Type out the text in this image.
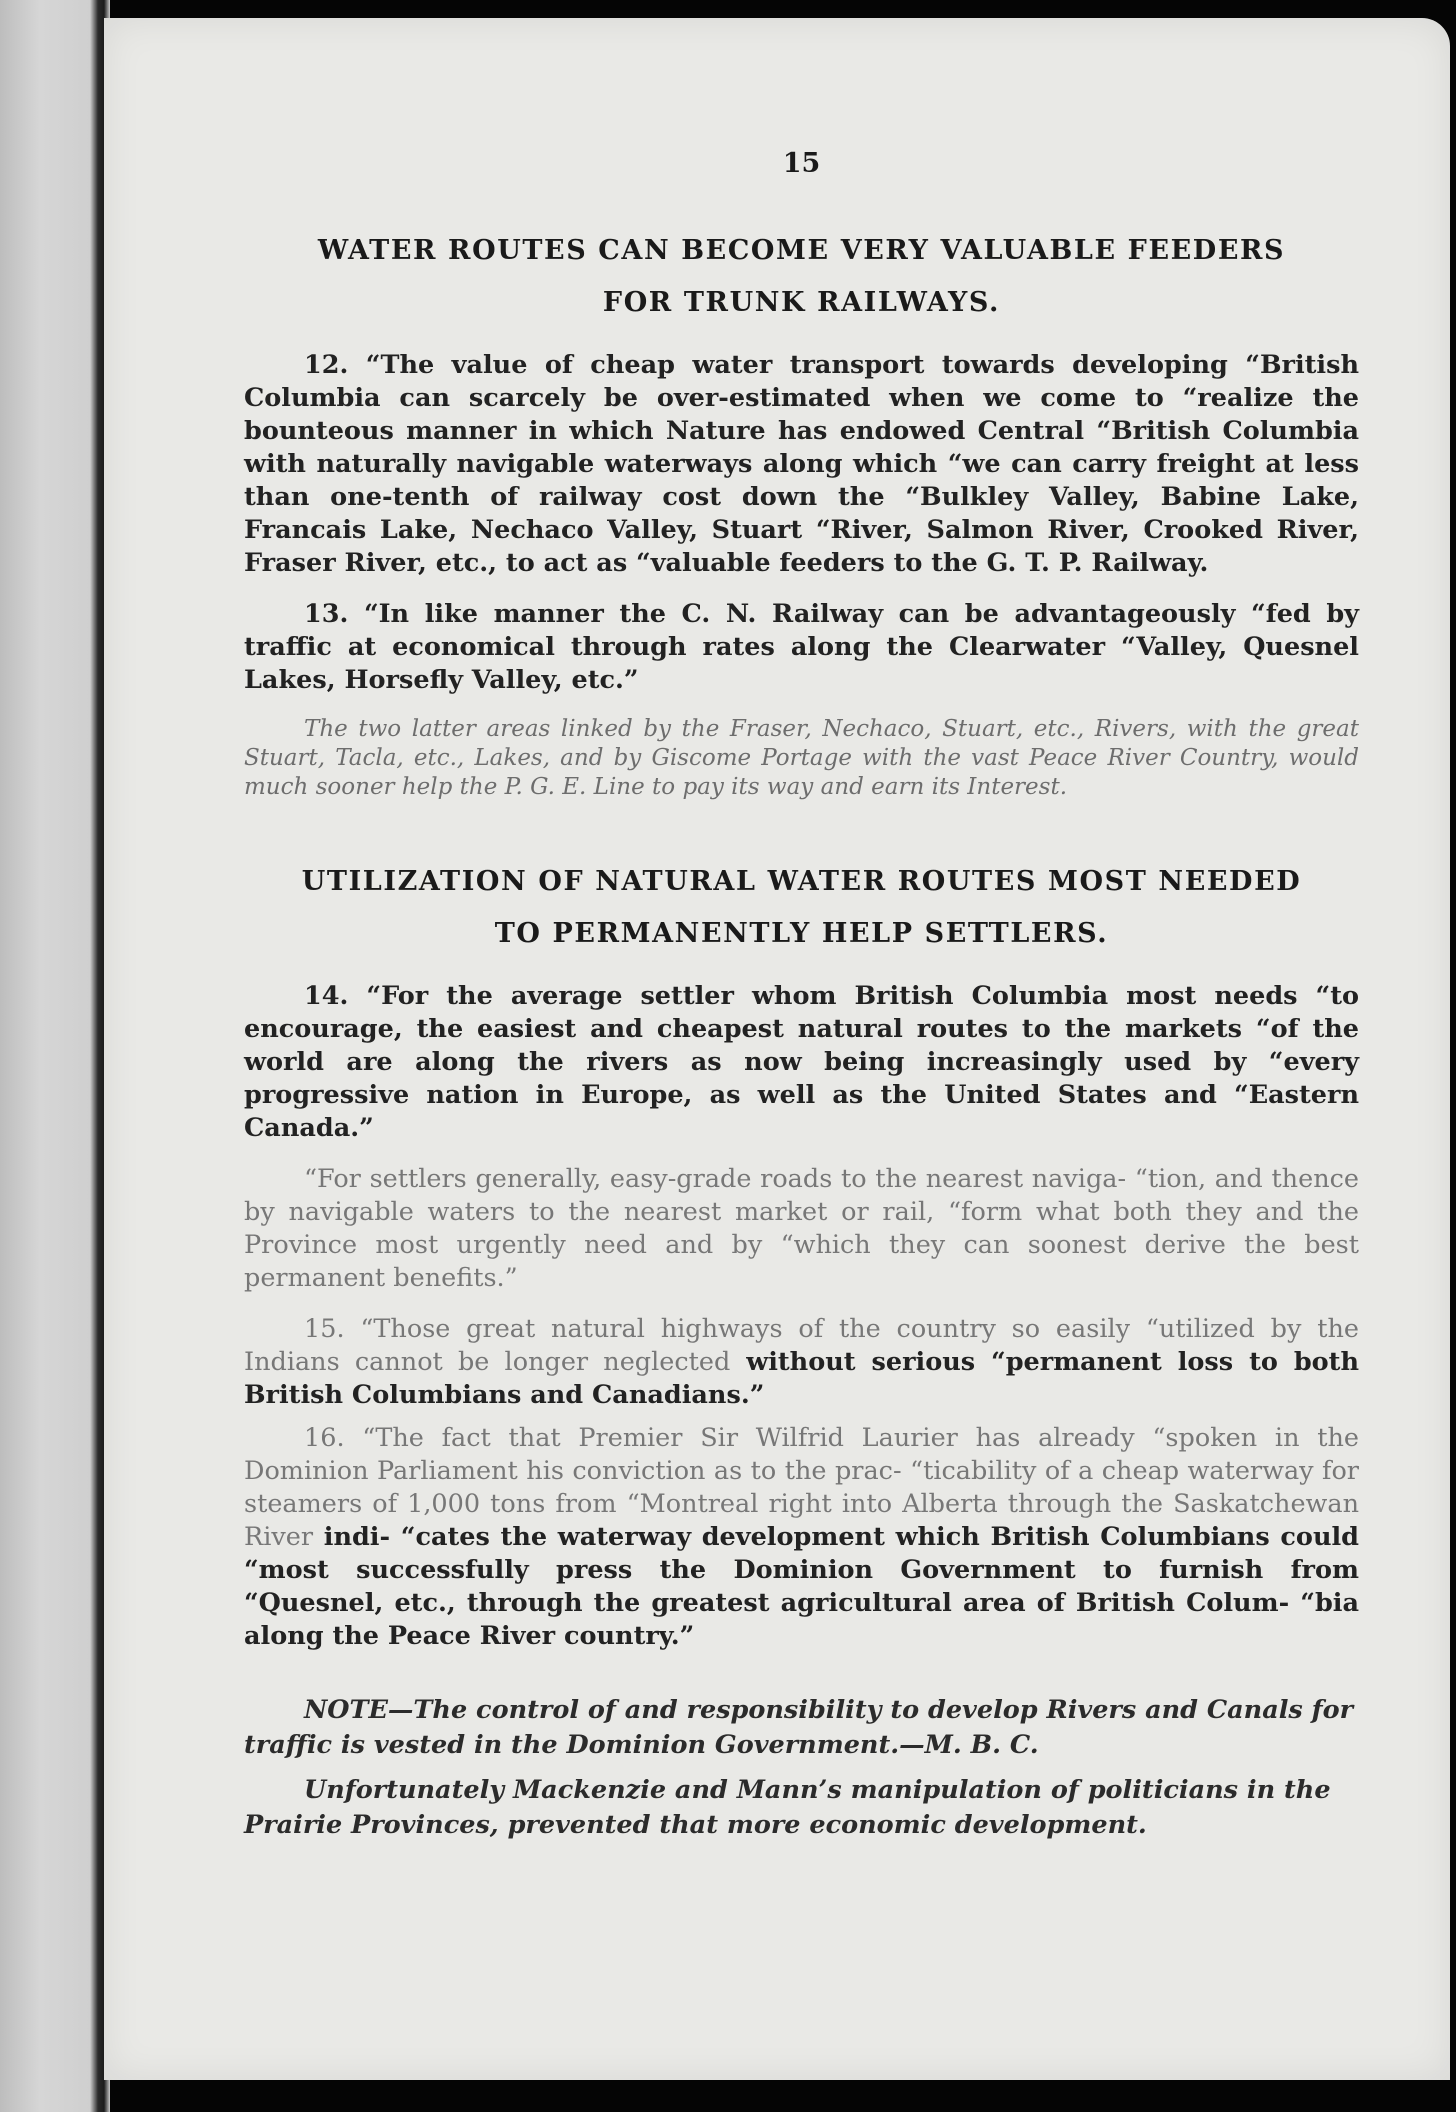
15
WATER ROUTES CAN BECOME VERY VALUABLE FEEDERS
FOR TRUNK RAILWAYS.

12. “The value of cheap water transport towards developing “British Columbia can scarcely be over-estimated when we come to “realize the bounteous manner in which Nature has endowed Central “British Columbia with naturally navigable waterways along which “we can carry freight at less than one-tenth of railway cost down the “Bulkley Valley, Babine Lake, Francais Lake, Nechaco Valley, Stuart “River, Salmon River, Crooked River, Fraser River, etc., to act as “valuable feeders to the G. T. P. Railway.

13. “In like manner the C. N. Railway can be advantageously “fed by traffic at economical through rates along the Clearwater “Valley, Quesnel Lakes, Horsefly Valley, etc.”

The two latter areas linked by the Fraser, Nechaco, Stuart, etc., Rivers, with the great Stuart, Tacla, etc., Lakes, and by Giscome Portage with the vast Peace River Country, would much sooner help the P. G. E. Line to pay its way and earn its Interest.

UTILIZATION OF NATURAL WATER ROUTES MOST NEEDED
TO PERMANENTLY HELP SETTLERS.

14. “For the average settler whom British Columbia most needs “to encourage, the easiest and cheapest natural routes to the markets “of the world are along the rivers as now being increasingly used by “every progressive nation in Europe, as well as the United States and “Eastern Canada.”

“For settlers generally, easy-grade roads to the nearest naviga- “tion, and thence by navigable waters to the nearest market or rail, “form what both they and the Province most urgently need and by “which they can soonest derive the best permanent benefits.”

15. “Those great natural highways of the country so easily “utilized by the Indians cannot be longer neglected without serious “permanent loss to both British Columbians and Canadians.”

16. “The fact that Premier Sir Wilfrid Laurier has already “spoken in the Dominion Parliament his conviction as to the prac- “ticability of a cheap waterway for steamers of 1,000 tons from “Montreal right into Alberta through the Saskatchewan River indi- “cates the waterway development which British Columbians could “most successfully press the Dominion Government to furnish from “Quesnel, etc., through the greatest agricultural area of British Colum- “bia along the Peace River country.”

NOTE—The control of and responsibility to develop Rivers and Canals for traffic is vested in the Dominion Government.—M. B. C.

Unfortunately Mackenzie and Mann’s manipulation of politicians in the Prairie Provinces, prevented that more economic development.
